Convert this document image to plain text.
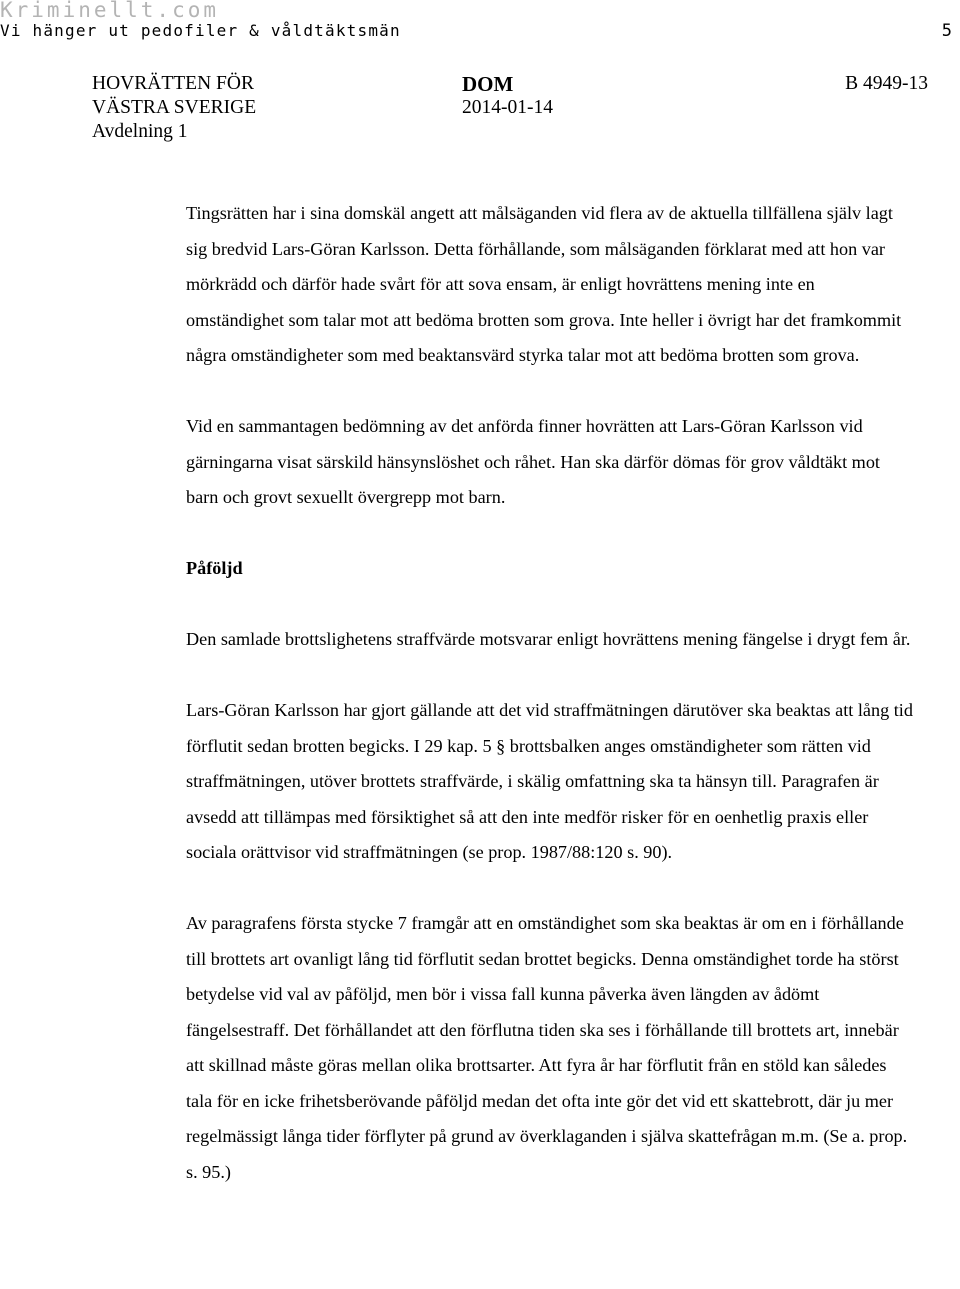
Kriminellt.com
Vi hänger ut pedofiler & våldtäktsmän	5
HOVRÄTTEN FÖR
VÄSTRA SVERIGE
Avdelning 1
DOM
2014-01-14
B 4949-13

Tingsrätten har i sina domskäl angett att målsäganden vid flera av de aktuella tillfällena själv lagt sig bredvid Lars-Göran Karlsson. Detta förhållande, som målsäganden förklarat med att hon var mörkrädd och därför hade svårt för att sova ensam, är enligt hovrättens mening inte en omständighet som talar mot att bedöma brotten som grova. Inte heller i övrigt har det framkommit några omständigheter som med beaktansvärd styrka talar mot att bedöma brotten som grova.

Vid en sammantagen bedömning av det anförda finner hovrätten att Lars-Göran Karlsson vid gärningarna visat särskild hänsynslöshet och råhet. Han ska därför dömas för grov våldtäkt mot barn och grovt sexuellt övergrepp mot barn.

Påföljd

Den samlade brottslighetens straffvärde motsvarar enligt hovrättens mening fängelse i drygt fem år.

Lars-Göran Karlsson har gjort gällande att det vid straffmätningen därutöver ska beaktas att lång tid förflutit sedan brotten begicks. I 29 kap. 5 § brottsbalken anges omständigheter som rätten vid straffmätningen, utöver brottets straffvärde, i skälig omfattning ska ta hänsyn till. Paragrafen är avsedd att tillämpas med försiktighet så att den inte medför risker för en oenhetlig praxis eller sociala orättvisor vid straffmätningen (se prop. 1987/88:120 s. 90).

Av paragrafens första stycke 7 framgår att en omständighet som ska beaktas är om en i förhållande till brottets art ovanligt lång tid förflutit sedan brottet begicks. Denna omständighet torde ha störst betydelse vid val av påföljd, men bör i vissa fall kunna påverka även längden av ådömt fängelsestraff. Det förhållandet att den förflutna tiden ska ses i förhållande till brottets art, innebär att skillnad måste göras mellan olika brottsarter. Att fyra år har förflutit från en stöld kan således tala för en icke frihetsberövande påföljd medan det ofta inte gör det vid ett skattebrott, där ju mer regelmässigt långa tider förflyter på grund av överklaganden i själva skattefrågan m.m. (Se a. prop. s. 95.)
